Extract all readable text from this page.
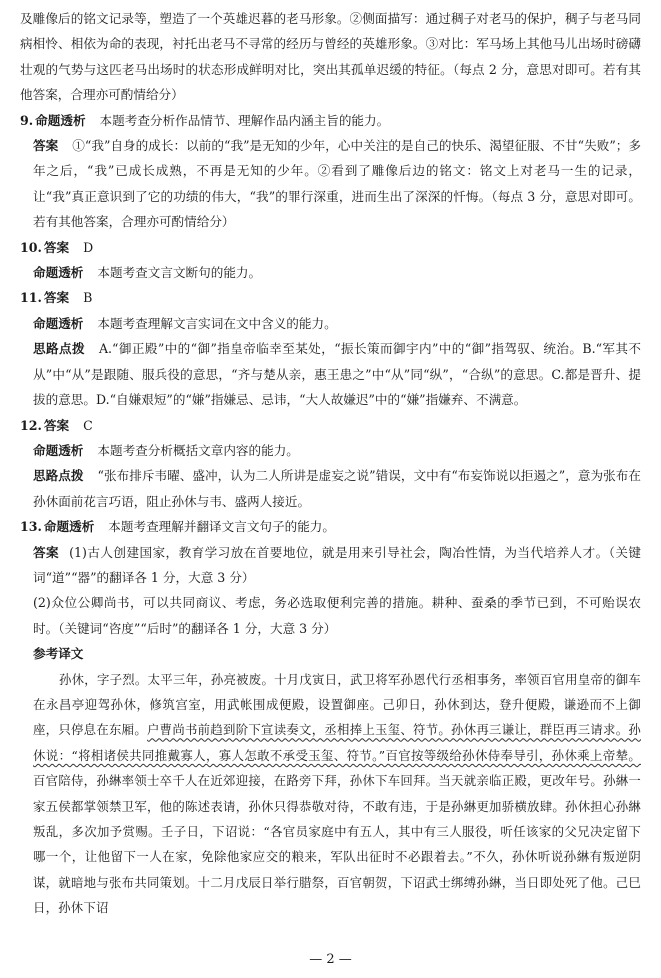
及雕像后的铭文记录等，塑造了一个英雄迟暮的老马形象。②侧面描写：通过稠子对老马的保护，稠子与老马同病相怜、相依为命的表现，衬托出老马不寻常的经历与曾经的英雄形象。③对比：军马场上其他马儿出场时磅礴壮观的气势与这匹老马出场时的状态形成鲜明对比，突出其孤单迟缓的特征。（每点 2 分，意思对即可。若有其他答案，合理亦可酌情给分）

9. 命题透析 本题考查分析作品情节、理解作品内涵主旨的能力。

答案 ①“我”自身的成长：以前的“我”是无知的少年，心中关注的是自己的快乐、渴望征服、不甘“失败”；多年之后，“我”已成长成熟，不再是无知的少年。②看到了雕像后边的铭文：铭文上对老马一生的记录，让“我”真正意识到了它的功绩的伟大，“我”的罪行深重，进而生出了深深的忏悔。（每点 3 分，意思对即可。若有其他答案，合理亦可酌情给分）

10. 答案 D

命题透析 本题考查文言文断句的能力。

11. 答案 B

命题透析 本题考查理解文言实词在文中含义的能力。

思路点拨 A.“御正殿”中的“御”指皇帝临幸至某处，“振长策而御宇内”中的“御”指驾驭、统治。B.“军其不从”中“从”是跟随、服兵役的意思，“齐与楚从亲，惠王患之”中“从”同“纵”，“合纵”的意思。C.都是晋升、提拔的意思。D.“自嫌艰短”的“嫌”指嫌忌、忌讳，“大人故嫌迟”中的“嫌”指嫌弃、不满意。

12. 答案 C

命题透析 本题考查分析概括文章内容的能力。

思路点拨 “张布排斥韦曜、盛冲，认为二人所讲是虚妄之说”错误，文中有“布妄饰说以拒遏之”，意为张布在孙休面前花言巧语，阻止孙休与韦、盛两人接近。

13. 命题透析 本题考查理解并翻译文言文句子的能力。

答案 (1)古人创建国家，教育学习放在首要地位，就是用来引导社会，陶冶性情，为当代培养人才。（关键词“道”“器”的翻译各 1 分，大意 3 分）

(2)众位公卿尚书，可以共同商议、考虑，务必选取便利完善的措施。耕种、蚕桑的季节已到，不可贻误农时。（关键词“咨度”“后时”的翻译各 1 分，大意 3 分）

参考译文

孙休，字子烈。太平三年，孙亮被废。十月戊寅日，武卫将军孙恩代行丞相事务，率领百官用皇帝的御车在永昌亭迎驾孙休，修筑宫室，用武帐围成便殿，设置御座。己卯日，孙休到达，登升便殿，谦逊而不上御座，只停息在东厢。户曹尚书前趋到阶下宣读奏文，丞相捧上玉玺、符节。孙休再三谦让，群臣再三请求。孙休说：“将相诸侯共同推戴寡人，寡人怎敢不承受玉玺、符节。”百官按等级给孙休侍奉导引，孙休乘上帝辇。百官陪侍，孙綝率领士卒千人在近郊迎接，在路旁下拜，孙休下车回拜。当天就亲临正殿，更改年号。孙綝一家五侯都掌领禁卫军，他的陈述表请，孙休只得恭敬对待，不敢有违，于是孙綝更加骄横放肆。孙休担心孙綝叛乱，多次加予赏赐。壬子日，下诏说：“各官员家庭中有五人，其中有三人服役，听任该家的父兄决定留下哪一个，让他留下一人在家，免除他家应交的粮来，军队出征时不必跟着去。”不久，孙休听说孙綝有叛逆阴谋，就暗地与张布共同策划。十二月戊辰日举行腊祭，百官朝贺，下诏武士绑缚孙綝，当日即处死了他。己巳日，孙休下诏

— 2 —
